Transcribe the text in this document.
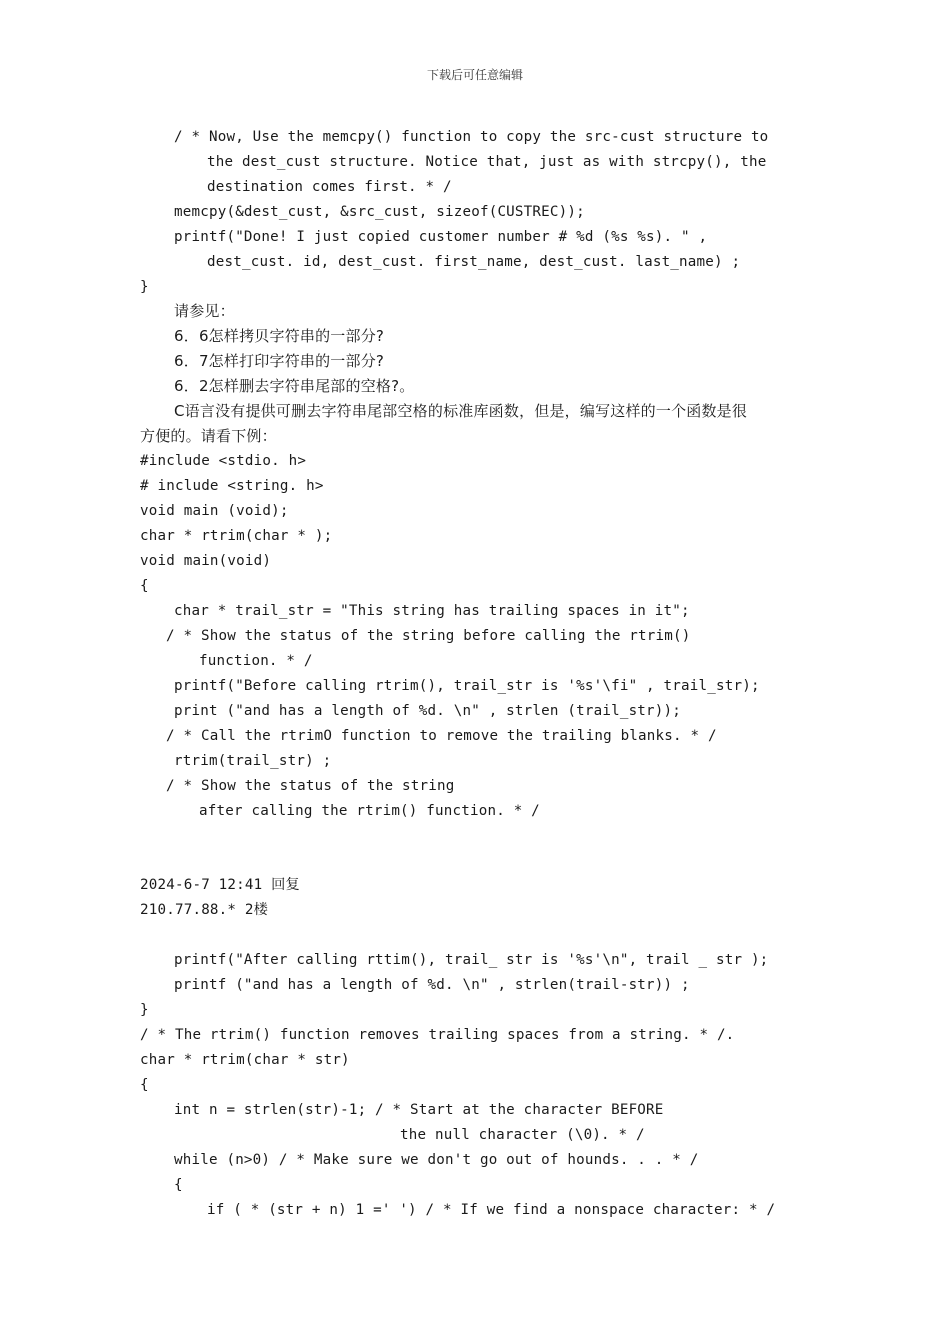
下载后可任意编辑
/ * Now, Use the memcpy() function to copy the src-cust structure to
the dest_cust structure. Notice that, just as with strcpy(), the
destination comes first. * /
memcpy(&dest_cust, &src_cust, sizeof(CUSTREC));
printf("Done! I just copied customer number # %d (%s %s). " ,
dest_cust. id, dest_cust. first_name, dest_cust. last_name) ;
}
请参见：
6．6怎样拷贝字符串的一部分?
6．7怎样打印字符串的一部分?
6．2怎样删去字符串尾部的空格?。
C语言没有提供可删去字符串尾部空格的标准库函数，但是，编写这样的一个函数是很
方便的。请看下例：
#include <stdio. h>
# include <string. h>
void main (void);
char * rtrim(char * );
void main(void)
{
char * trail_str = "This string has trailing spaces in it";
/ * Show the status of the string before calling the rtrim()
function. * /
printf("Before calling rtrim(), trail_str is '%s'\fi" , trail_str);
print ("and has a length of %d. \n" , strlen (trail_str));
/ * Call the rtrimO function to remove the trailing blanks. * /
rtrim(trail_str) ;
/ * Show the status of the string
after calling the rtrim() function. * /
2024-6-7 12:41 回复
210.77.88.* 2楼
printf("After calling rttim(), trail_ str is '%s'\n", trail _ str );
printf ("and has a length of %d. \n" , strlen(trail-str)) ;
}
/ * The rtrim() function removes trailing spaces from a string. * /.
char * rtrim(char * str)
{
int n = strlen(str)-1; / * Start at the character BEFORE
the null character (\0). * /
while (n>0) / * Make sure we don't go out of hounds. . . * /
{
if ( * (str + n) 1 =' ') / * If we find a nonspace character: * /
